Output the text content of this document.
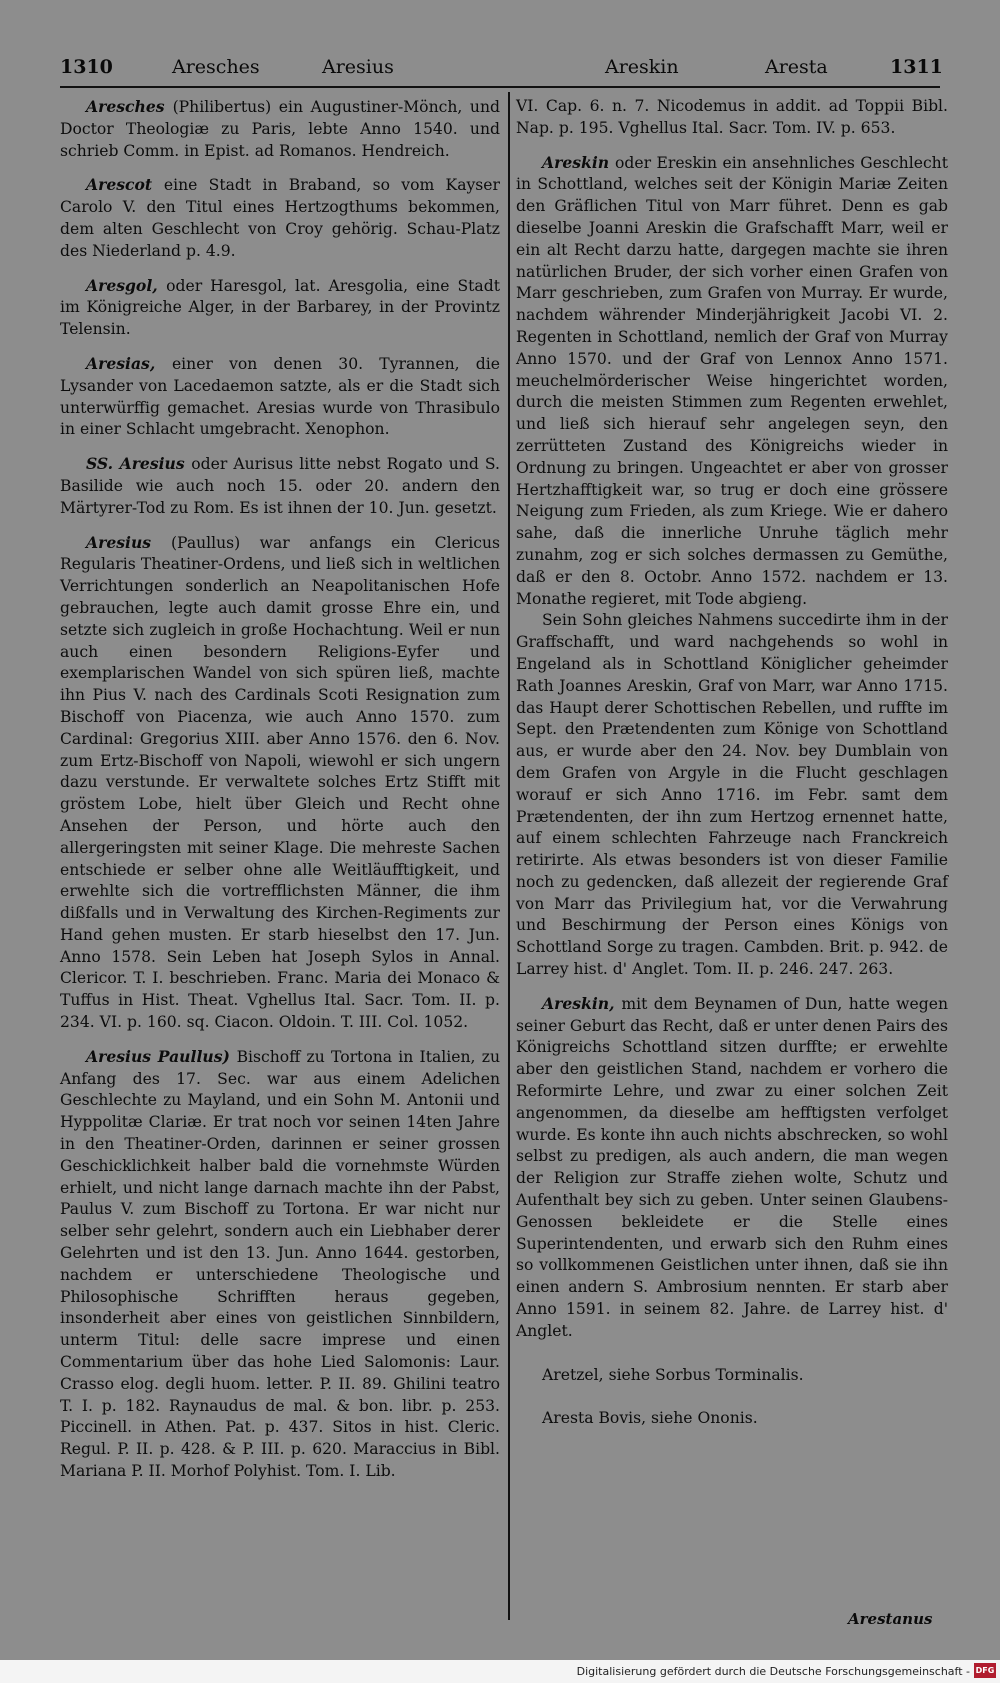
1310	Aresches	Aresius	Areskin	Aresta	1311
Aresches (Philibertus) ein Augustiner-Mönch, und Doctor Theologiæ zu Paris, lebte Anno 1540. und schrieb Comm. in Epist. ad Romanos. Hendreich.
Arescot eine Stadt in Braband, so vom Kayser Carolo V. den Titul eines Hertzogthums bekommen, dem alten Geschlecht von Croy gehörig. Schau-Platz des Niederland p. 4.9.
Aresgol, oder Haresgol, lat. Aresgolia, eine Stadt im Königreiche Alger, in der Barbarey, in der Provintz Telensin.
Aresias, einer von denen 30. Tyrannen, die Lysander von Lacedaemon satzte, als er die Stadt sich unterwürffig gemachet. Aresias wurde von Thrasibulo in einer Schlacht umgebracht. Xenophon.
SS. Aresius oder Aurisus litte nebst Rogato und S. Basilide wie auch noch 15. oder 20. andern den Märtyrer-Tod zu Rom. Es ist ihnen der 10. Jun. gesetzt.
Aresius (Paullus) war anfangs ein Clericus Regularis Theatiner-Ordens, und ließ sich in weltlichen Verrichtungen sonderlich an Neapolitanischen Hofe gebrauchen, legte auch damit grosse Ehre ein, und setzte sich zugleich in große Hochachtung. Weil er nun auch einen besondern Religions-Eyfer und exemplarischen Wandel von sich spüren ließ, machte ihn Pius V. nach des Cardinals Scoti Resignation zum Bischoff von Piacenza, wie auch Anno 1570. zum Cardinal: Gregorius XIII. aber Anno 1576. den 6. Nov. zum Ertz-Bischoff von Napoli, wiewohl er sich ungern dazu verstunde. Er verwaltete solches Ertz Stifft mit gröstem Lobe, hielt über Gleich und Recht ohne Ansehen der Person, und hörte auch den allergeringsten mit seiner Klage. Die mehreste Sachen entschiede er selber ohne alle Weitläufftigkeit, und erwehlte sich die vortrefflichsten Männer, die ihm dißfalls und in Verwaltung des Kirchen-Regiments zur Hand gehen musten. Er starb hieselbst den 17. Jun. Anno 1578. Sein Leben hat Joseph Sylos in Annal. Clericor. T. I. beschrieben. Franc. Maria dei Monaco & Tuffus in Hist. Theat. Vghellus Ital. Sacr. Tom. II. p. 234. VI. p. 160. sq. Ciacon. Oldoin. T. III. Col. 1052.
Aresius Paullus) Bischoff zu Tortona in Italien, zu Anfang des 17. Sec. war aus einem Adelichen Geschlechte zu Mayland, und ein Sohn M. Antonii und Hyppolitæ Clariæ. Er trat noch vor seinen 14ten Jahre in den Theatiner-Orden, darinnen er seiner grossen Geschicklichkeit halber bald die vornehmste Würden erhielt, und nicht lange darnach machte ihn der Pabst, Paulus V. zum Bischoff zu Tortona. Er war nicht nur selber sehr gelehrt, sondern auch ein Liebhaber derer Gelehrten und ist den 13. Jun. Anno 1644. gestorben, nachdem er unterschiedene Theologische und Philosophische Schrifften heraus gegeben, insonderheit aber eines von geistlichen Sinnbildern, unterm Titul: delle sacre imprese und einen Commentarium über das hohe Lied Salomonis: Laur. Crasso elog. degli huom. letter. P. II. 89. Ghilini teatro T. I. p. 182. Raynaudus de mal. & bon. libr. p. 253. Piccinell. in Athen. Pat. p. 437. Sitos in hist. Cleric. Regul. P. II. p. 428. & P. III. p. 620. Maraccius in Bibl. Mariana P. II. Morhof Polyhist. Tom. I. Lib.
VI. Cap. 6. n. 7. Nicodemus in addit. ad Toppii Bibl. Nap. p. 195. Vghellus Ital. Sacr. Tom. IV. p. 653.
Areskin oder Ereskin ein ansehnliches Geschlecht in Schottland, welches seit der Königin Mariæ Zeiten den Gräflichen Titul von Marr führet. Denn es gab dieselbe Joanni Areskin die Grafschafft Marr, weil er ein alt Recht darzu hatte, dargegen machte sie ihren natürlichen Bruder, der sich vorher einen Grafen von Marr geschrieben, zum Grafen von Murray. Er wurde, nachdem währender Minderjährigkeit Jacobi VI. 2. Regenten in Schottland, nemlich der Graf von Murray Anno 1570. und der Graf von Lennox Anno 1571. meuchelmörderischer Weise hingerichtet worden, durch die meisten Stimmen zum Regenten erwehlet, und ließ sich hierauf sehr angelegen seyn, den zerrütteten Zustand des Königreichs wieder in Ordnung zu bringen. Ungeachtet er aber von grosser Hertzhafftigkeit war, so trug er doch eine grössere Neigung zum Frieden, als zum Kriege. Wie er dahero sahe, daß die innerliche Unruhe täglich mehr zunahm, zog er sich solches dermassen zu Gemüthe, daß er den 8. Octobr. Anno 1572. nachdem er 13. Monathe regieret, mit Tode abgieng.

Sein Sohn gleiches Nahmens succedirte ihm in der Graffschafft, und ward nachgehends so wohl in Engeland als in Schottland Königlicher geheimder Rath Joannes Areskin, Graf von Marr, war Anno 1715. das Haupt derer Schottischen Rebellen, und ruffte im Sept. den Prætendenten zum Könige von Schottland aus, er wurde aber den 24. Nov. bey Dumblain von dem Grafen von Argyle in die Flucht geschlagen worauf er sich Anno 1716. im Febr. samt dem Prætendenten, der ihn zum Hertzog ernennet hatte, auf einem schlechten Fahrzeuge nach Franckreich retirirte. Als etwas besonders ist von dieser Familie noch zu gedencken, daß allezeit der regierende Graf von Marr das Privilegium hat, vor die Verwahrung und Beschirmung der Person eines Königs von Schottland Sorge zu tragen. Cambden. Brit. p. 942. de Larrey hist. d' Anglet. Tom. II. p. 246. 247. 263.

Areskin, mit dem Beynamen of Dun, hatte wegen seiner Geburt das Recht, daß er unter denen Pairs des Königreichs Schottland sitzen durffte; er erwehlte aber den geistlichen Stand, nachdem er vorhero die Reformirte Lehre, und zwar zu einer solchen Zeit angenommen, da dieselbe am hefftigsten verfolget wurde. Es konte ihn auch nichts abschrecken, so wohl selbst zu predigen, als auch andern, die man wegen der Religion zur Straffe ziehen wolte, Schutz und Aufenthalt bey sich zu geben. Unter seinen Glaubens-Genossen bekleidete er die Stelle eines Superintendenten, und erwarb sich den Ruhm eines so vollkommenen Geistlichen unter ihnen, daß sie ihn einen andern S. Ambrosium nennten. Er starb aber Anno 1591. in seinem 82. Jahre. de Larrey hist. d' Anglet.
Aretzel, siehe Sorbus Torminalis.
Aresta Bovis, siehe Ononis.
Arestanus
Digitalisierung gefördert durch die Deutsche Forschungsgemeinschaft - DFG
